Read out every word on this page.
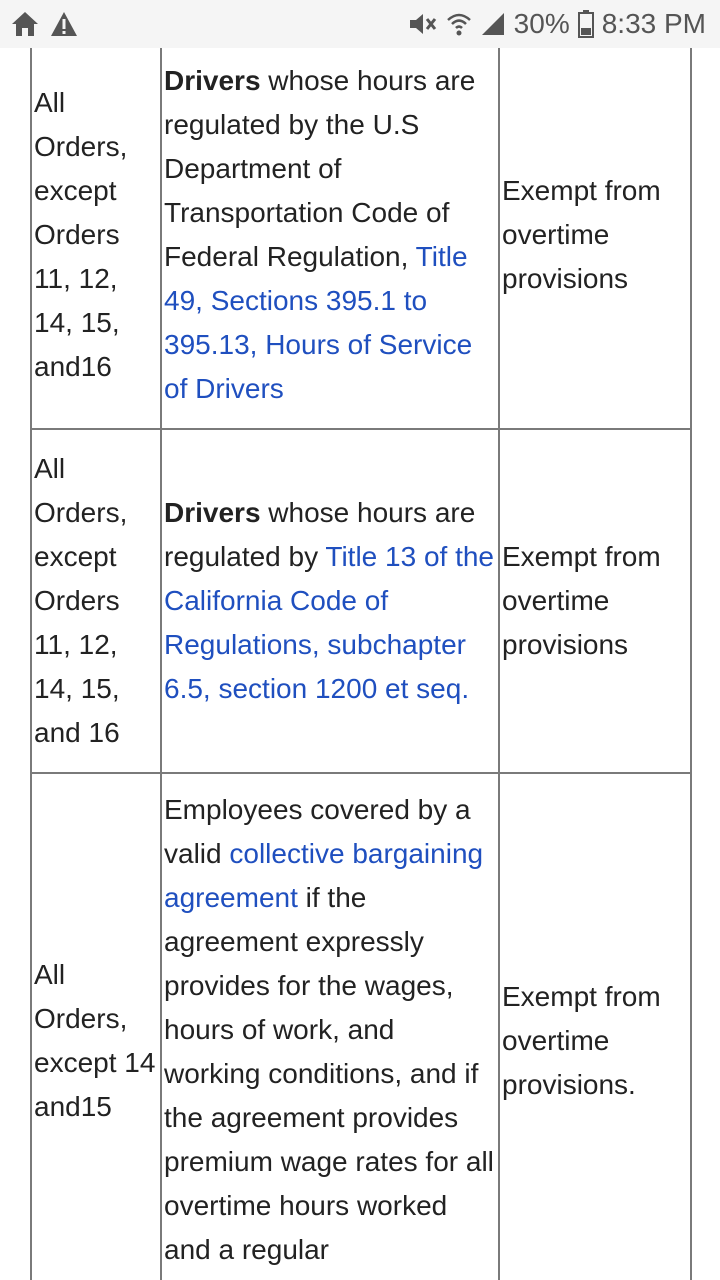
30% 8:33 PM
All Orders, except Orders 11, 12, 14, 15, and16	Drivers whose hours are regulated by the U.S Department of Transportation Code of Federal Regulation, Title 49, Sections 395.1 to 395.13, Hours of Service of Drivers	Exempt from overtime provisions
All Orders, except Orders 11, 12, 14, 15, and 16	Drivers whose hours are regulated by Title 13 of the California Code of Regulations, subchapter 6.5, section 1200 et seq.	Exempt from overtime provisions
All Orders, except 14 and15	Employees covered by a valid collective bargaining agreement if the agreement expressly provides for the wages, hours of work, and working conditions, and if the agreement provides premium wage rates for all overtime hours worked and a regular	Exempt from overtime provisions.
